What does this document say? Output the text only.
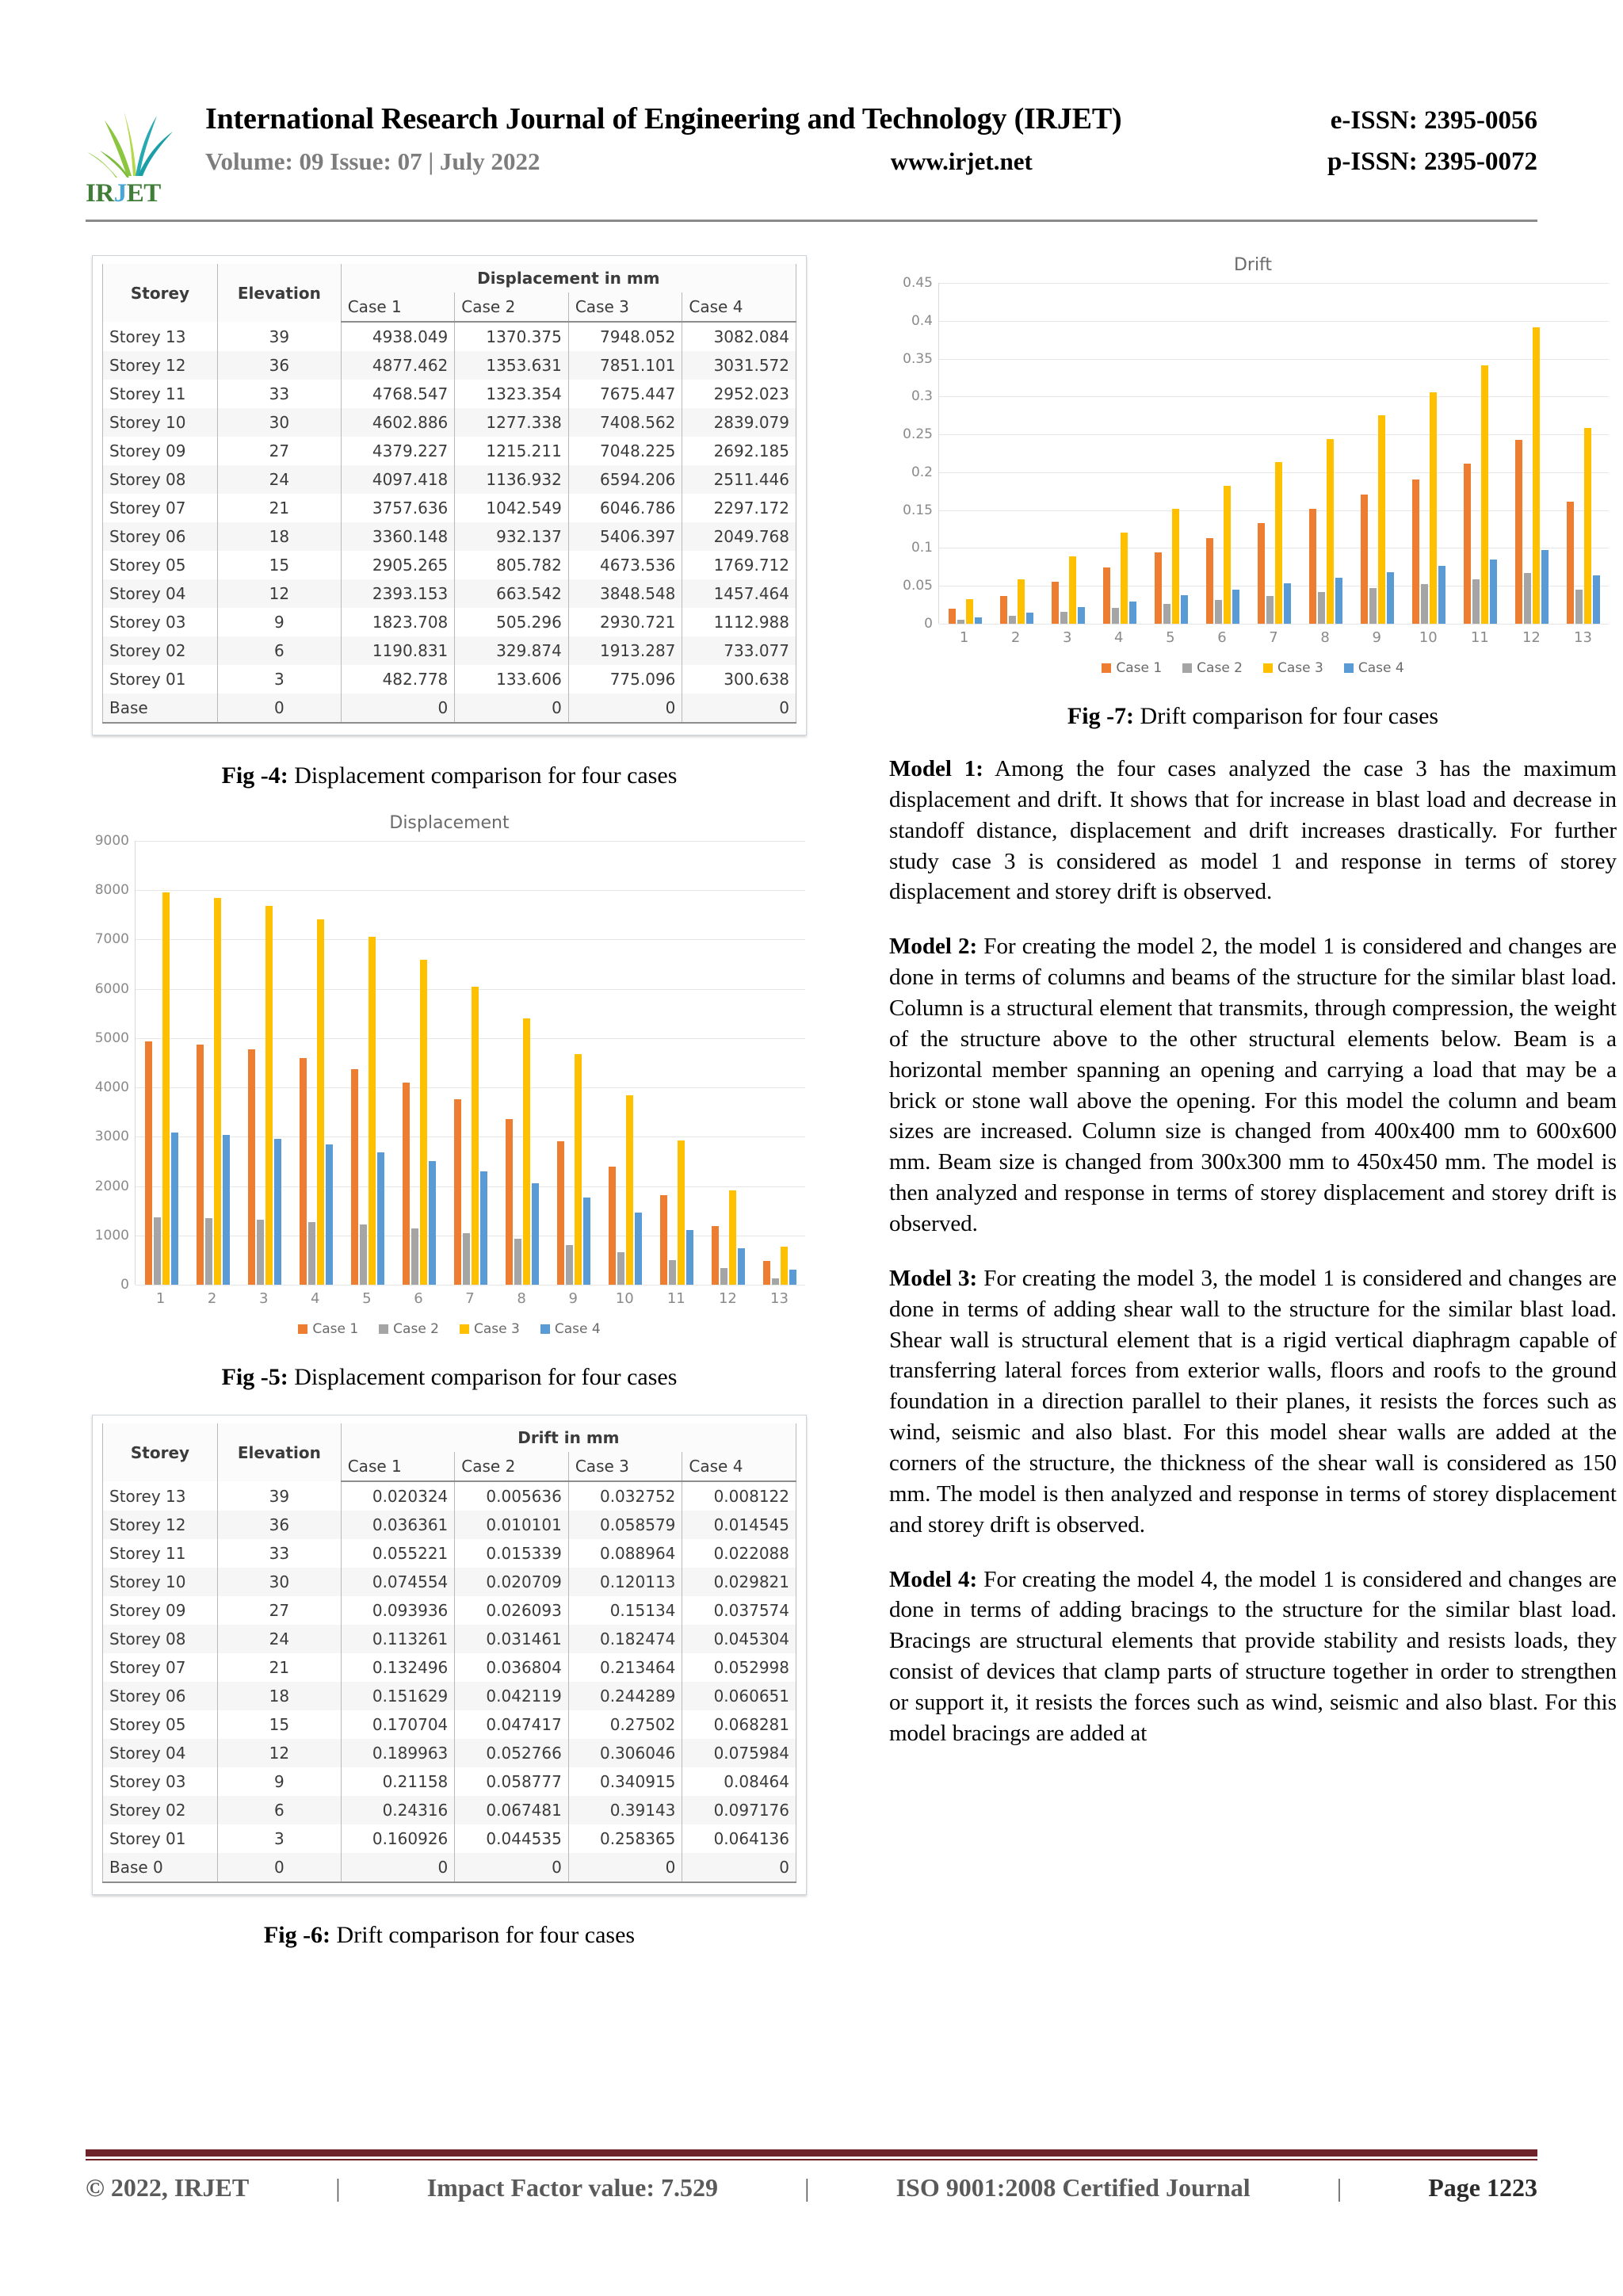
IRJET
International Research Journal of Engineering and Technology (IRJET)	e-ISSN: 2395-0056
Volume: 09 Issue: 07 | July 2022	www.irjet.net	p-ISSN: 2395-0072
Storey	Elevation	Displacement in mm			
		Case 1	Case 2	Case 3	Case 4
Storey 13	39	4938.049	1370.375	7948.052	3082.084
Storey 12	36	4877.462	1353.631	7851.101	3031.572
Storey 11	33	4768.547	1323.354	7675.447	2952.023
Storey 10	30	4602.886	1277.338	7408.562	2839.079
Storey 09	27	4379.227	1215.211	7048.225	2692.185
Storey 08	24	4097.418	1136.932	6594.206	2511.446
Storey 07	21	3757.636	1042.549	6046.786	2297.172
Storey 06	18	3360.148	932.137	5406.397	2049.768
Storey 05	15	2905.265	805.782	4673.536	1769.712
Storey 04	12	2393.153	663.542	3848.548	1457.464
Storey 03	9	1823.708	505.296	2930.721	1112.988
Storey 02	6	1190.831	329.874	1913.287	733.077
Storey 01	3	482.778	133.606	775.096	300.638
Base	0	0	0	0	0
Fig -4: Displacement comparison for four cases
Displacement
0
1000
2000
3000
4000
5000
6000
7000
8000
9000
1	2	3	4	5	6	7	8	9	10	11	12	13
Case 1	Case 2	Case 3	Case 4
Fig -5: Displacement comparison for four cases
Storey	Elevation	Drift in mm			
		Case 1	Case 2	Case 3	Case 4
Storey 13	39	0.020324	0.005636	0.032752	0.008122
Storey 12	36	0.036361	0.010101	0.058579	0.014545
Storey 11	33	0.055221	0.015339	0.088964	0.022088
Storey 10	30	0.074554	0.020709	0.120113	0.029821
Storey 09	27	0.093936	0.026093	0.15134	0.037574
Storey 08	24	0.113261	0.031461	0.182474	0.045304
Storey 07	21	0.132496	0.036804	0.213464	0.052998
Storey 06	18	0.151629	0.042119	0.244289	0.060651
Storey 05	15	0.170704	0.047417	0.27502	0.068281
Storey 04	12	0.189963	0.052766	0.306046	0.075984
Storey 03	9	0.21158	0.058777	0.340915	0.08464
Storey 02	6	0.24316	0.067481	0.39143	0.097176
Storey 01	3	0.160926	0.044535	0.258365	0.064136
Base 0	0	0	0	0	0
Fig -6: Drift comparison for four cases
Drift
0
0.05
0.1
0.15
0.2
0.25
0.3
0.35
0.4
0.45
1	2	3	4	5	6	7	8	9	10	11	12	13
Case 1	Case 2	Case 3	Case 4
Fig -7: Drift comparison for four cases

Model 1: Among the four cases analyzed the case 3 has the maximum displacement and drift. It shows that for increase in blast load and decrease in standoff distance, displacement and drift increases drastically. For further study case 3 is considered as model 1 and response in terms of storey displacement and storey drift is observed.

Model 2: For creating the model 2, the model 1 is considered and changes are done in terms of columns and beams of the structure for the similar blast load. Column is a structural element that transmits, through compression, the weight of the structure above to the other structural elements below. Beam is a horizontal member spanning an opening and carrying a load that may be a brick or stone wall above the opening. For this model the column and beam sizes are increased. Column size is changed from 400x400 mm to 600x600 mm. Beam size is changed from 300x300 mm to 450x450 mm. The model is then analyzed and response in terms of storey displacement and storey drift is observed.

Model 3: For creating the model 3, the model 1 is considered and changes are done in terms of adding shear wall to the structure for the similar blast load. Shear wall is structural element that is a rigid vertical diaphragm capable of transferring lateral forces from exterior walls, floors and roofs to the ground foundation in a direction parallel to their planes, it resists the forces such as wind, seismic and also blast. For this model shear walls are added at the corners of the structure, the thickness of the shear wall is considered as 150 mm. The model is then analyzed and response in terms of storey displacement and storey drift is observed.

Model 4: For creating the model 4, the model 1 is considered and changes are done in terms of adding bracings to the structure for the similar blast load. Bracings are structural elements that provide stability and resists loads, they consist of devices that clamp parts of structure together in order to strengthen or support it, it resists the forces such as wind, seismic and also blast. For this model bracings are added at

© 2022, IRJET	|	Impact Factor value: 7.529	|	ISO 9001:2008 Certified Journal	|	Page 1223
